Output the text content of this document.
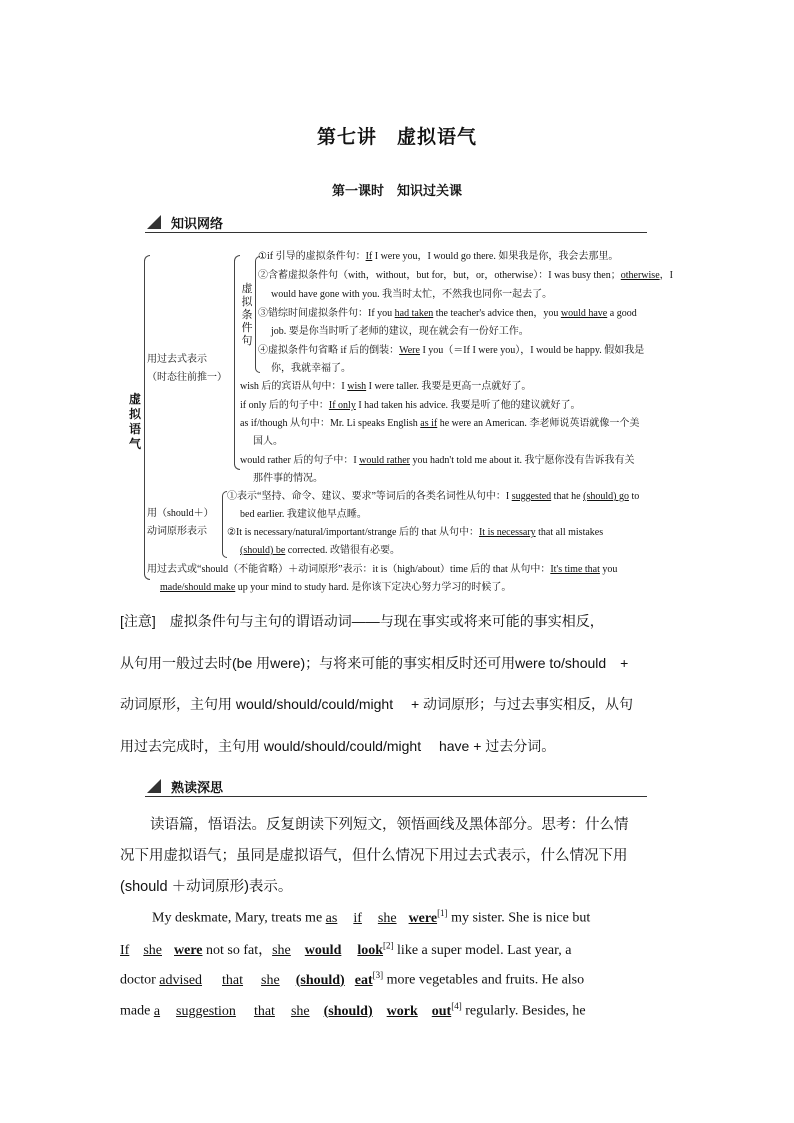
第七讲　虚拟语气
第一课时　知识过关课
知识网络
虚拟语气
用过去式表示
（时态往前推一）
虚拟条件句
①if 引导的虚拟条件句：If I were you，I would go there. 如果我是你，我会去那里。
②含蓄虚拟条件句（with，without，but for，but，or，otherwise）：I was busy then；otherwise，I
would have gone with you. 我当时太忙，不然我也同你一起去了。
③错综时间虚拟条件句：If you had taken the teacher's advice then，you would have a good
job. 要是你当时听了老师的建议，现在就会有一份好工作。
④虚拟条件句省略 if 后的倒装：Were I you（＝If I were you），I would be happy. 假如我是
你，我就幸福了。
wish 后的宾语从句中：I wish I were taller. 我要是更高一点就好了。
if only 后的句子中：If only I had taken his advice. 我要是听了他的建议就好了。
as if/though 从句中：Mr. Li speaks English as if he were an American. 李老师说英语就像一个美
国人。
would rather 后的句子中：I would rather you hadn't told me about it. 我宁愿你没有告诉我有关
那件事的情况。
用（should＋）
动词原形表示
①表示“坚持、命令、建议、要求”等词后的各类名词性从句中：I suggested that he (should) go to
bed earlier. 我建议他早点睡。
②It is necessary/natural/important/strange 后的 that 从句中：It is necessary that all mistakes
(should) be corrected. 改错很有必要。
用过去式或“should（不能省略）＋动词原形”表示：it is（high/about）time 后的 that 从句中：It's time that you
made/should make up your mind to study hard. 是你该下定决心努力学习的时候了。
[注意]　虚拟条件句与主句的谓语动词——与现在事实或将来可能的事实相反，
从句用一般过去时(be 用were)；与将来可能的事实相反时还可用were to/should　+
动词原形，主句用 would/should/could/might　 + 动词原形；与过去事实相反，从句
用过去完成时，主句用 would/should/could/might　 have + 过去分词。
熟读深思
读语篇，悟语法。反复朗读下列短文，领悟画线及黑体部分。思考：什么情
况下用虚拟语气；虽同是虚拟语气，但什么情况下用过去式表示，什么情况下用
(should ＋动词原形)表示。
My deskmate, Mary, treats me as if she were[1] my sister. She is nice but
If she were not so fat，she would look[2] like a super model. Last year, a
doctor advised that she (should) eat[3] more vegetables and fruits. He also
made a suggestion that she (should) work out[4] regularly. Besides, he
